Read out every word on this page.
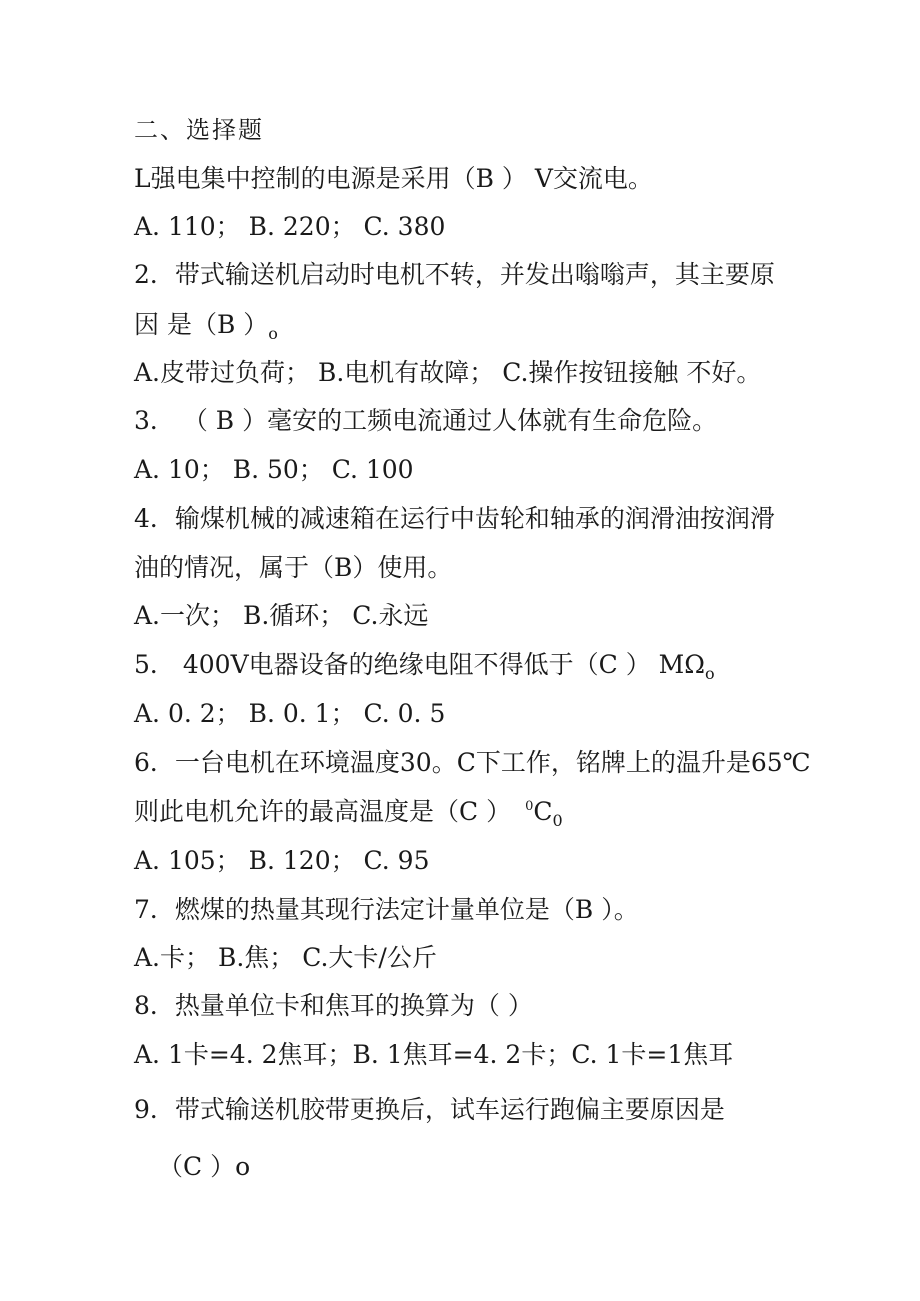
二、选择题
L强电集中控制的电源是采用（B ） V交流电。
A. 110； B. 220； C. 380
2．带式输送机启动时电机不转，并发出嗡嗡声，其主要原
因 是（B ）$_o$
A.皮带过负荷； B.电机有故障； C.操作按钮接触 不好。
3． （ B ）毫安的工频电流通过人体就有生命危险。
A. 10； B. 50； C. 100
4．输煤机械的减速箱在运行中齿轮和轴承的润滑油按润滑
油的情况，属于（B）使用。
A.一次； B.循环； C.永远
5． 400V电器设备的绝缘电阻不得低于（C ） $M\Omega_o$
A. 0. 2； B. 0. 1； C. 0. 5
6．一台电机在环境温度30。C下工作，铭牌上的温升是65℃
则此电机允许的最高温度是（C ） $^0C_0$
A. 105； B. 120； C. 95
7．燃煤的热量其现行法定计量单位是（B ）。
A.卡； B.焦； C.大卡/公斤
8．热量单位卡和焦耳的换算为（ ）
A. 1卡=4. 2焦耳；B. 1焦耳=4. 2卡；C. 1卡=1焦耳
9．带式输送机胶带更换后，试车运行跑偏主要原因是
（C ）o
